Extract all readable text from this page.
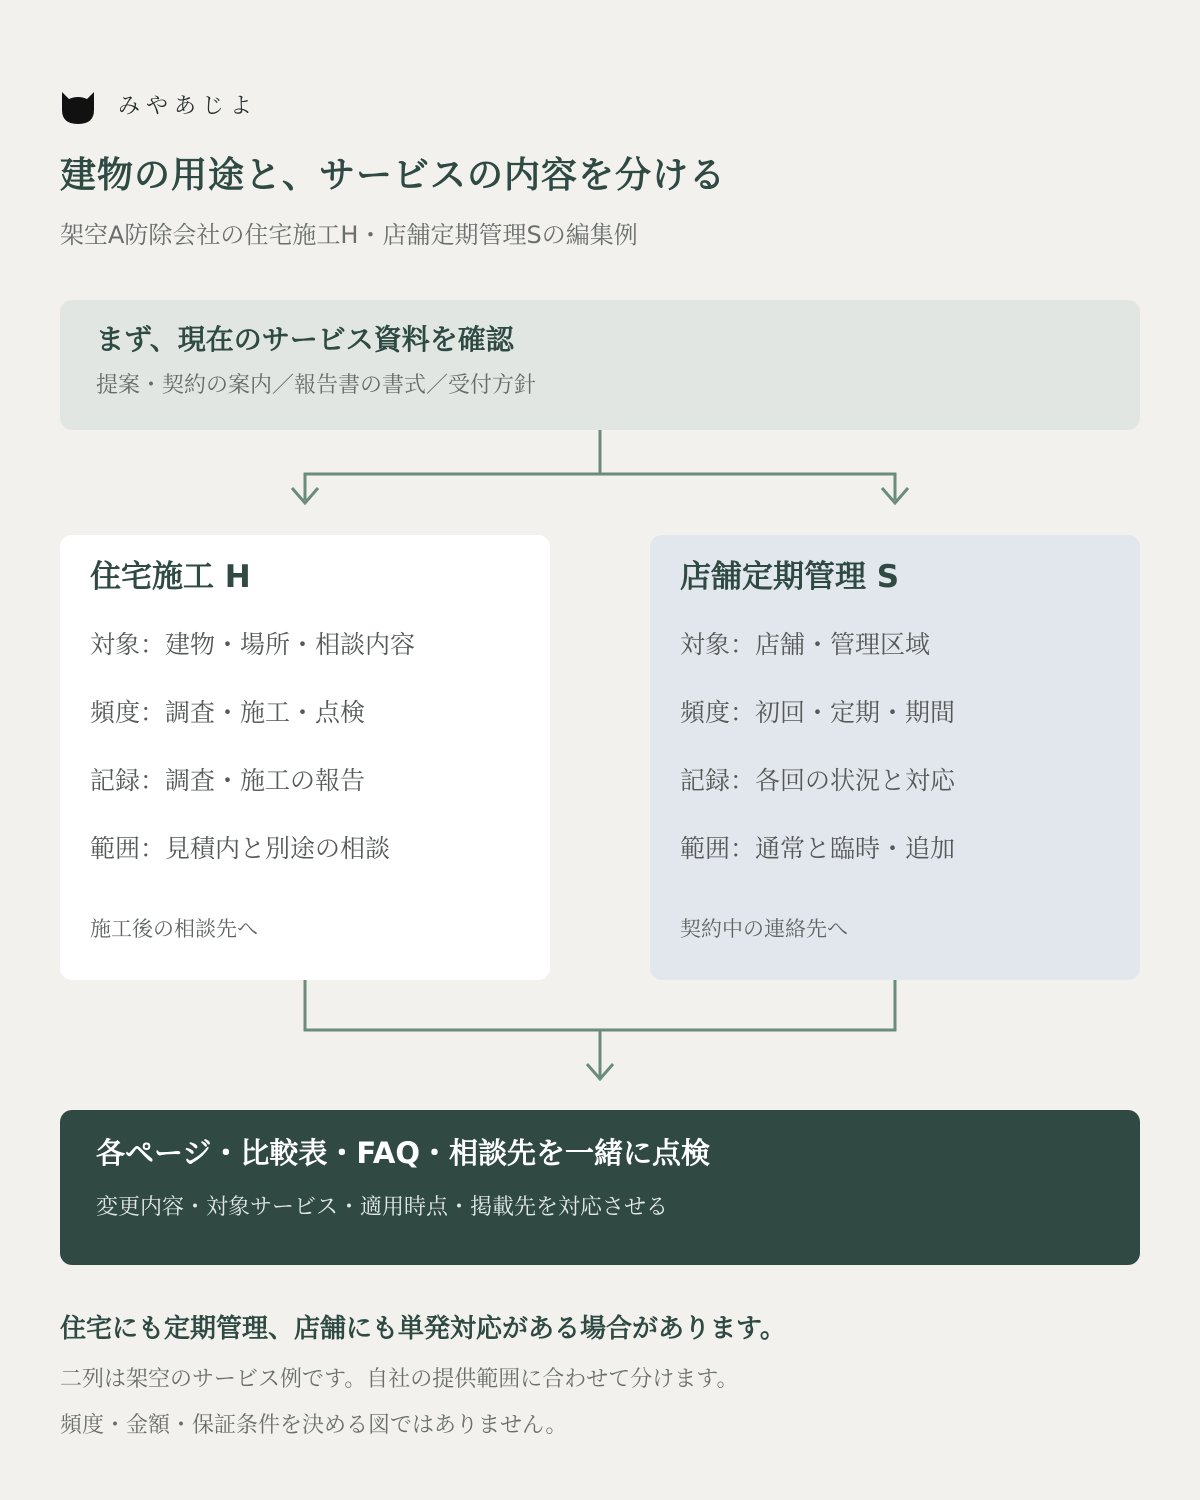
みやあじよ
建物の用途と、サービスの内容を分ける
架空A防除会社の住宅施工H・店舗定期管理Sの編集例
まず、現在のサービス資料を確認
提案・契約の案内／報告書の書式／受付方針
住宅施工 H
対象：建物・場所・相談内容
頻度：調査・施工・点検
記録：調査・施工の報告
範囲：見積内と別途の相談
施工後の相談先へ
店舗定期管理 S
対象：店舗・管理区域
頻度：初回・定期・期間
記録：各回の状況と対応
範囲：通常と臨時・追加
契約中の連絡先へ
各ページ・比較表・FAQ・相談先を一緒に点検
変更内容・対象サービス・適用時点・掲載先を対応させる
住宅にも定期管理、店舗にも単発対応がある場合があります。
二列は架空のサービス例です。自社の提供範囲に合わせて分けます。
頻度・金額・保証条件を決める図ではありません。
